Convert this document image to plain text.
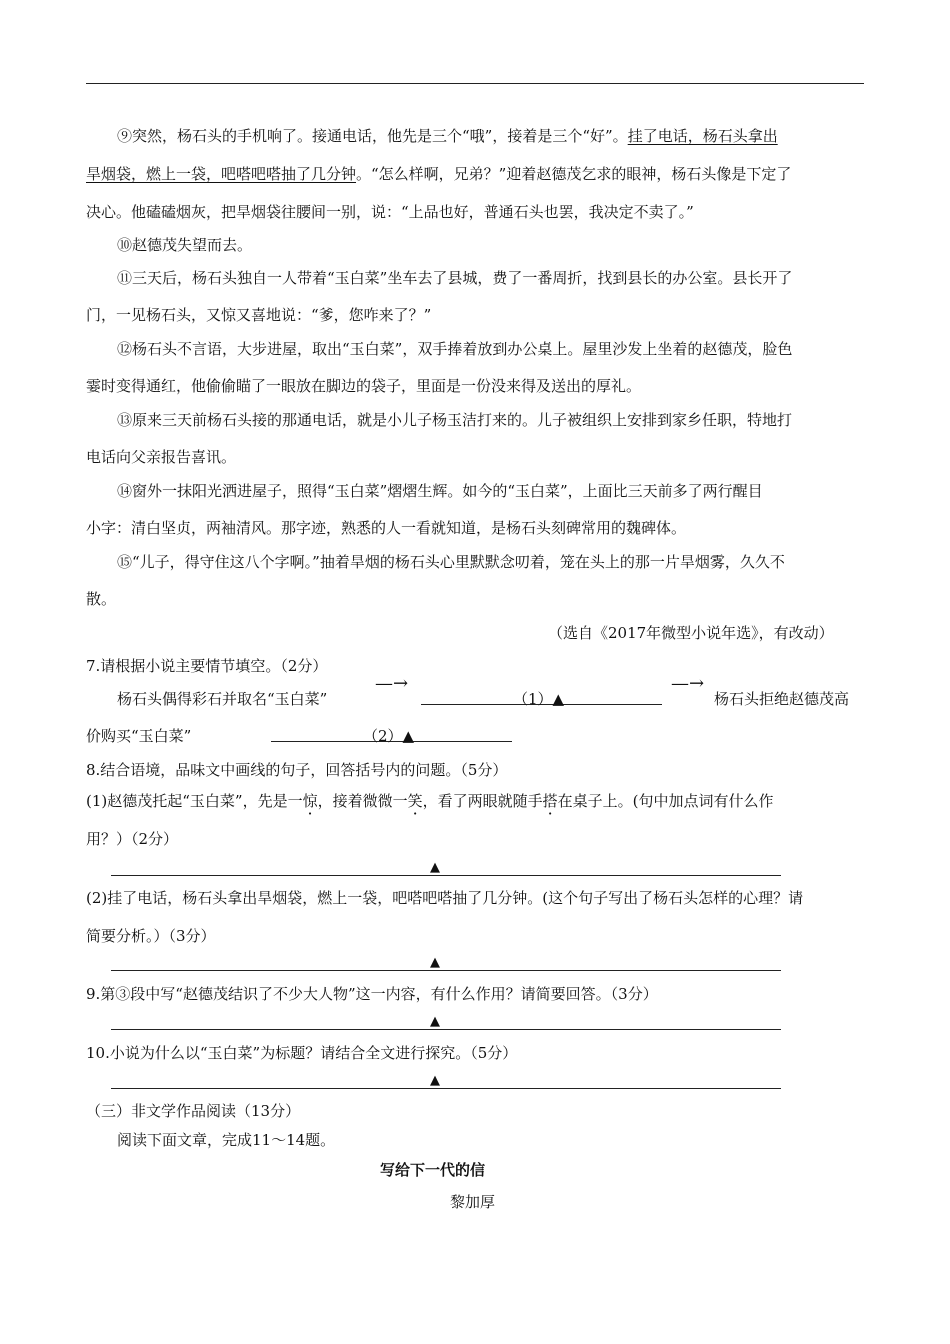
⑨突然，杨石头的手机响了。接通电话，他先是三个“哦”，接着是三个“好”。挂了电话，杨石头拿出
旱烟袋，燃上一袋，吧嗒吧嗒抽了几分钟。“怎么样啊，兄弟？”迎着赵德茂乞求的眼神，杨石头像是下定了
决心。他磕磕烟灰，把旱烟袋往腰间一别，说：“上品也好，普通石头也罢，我决定不卖了。”
⑩赵德茂失望而去。
⑪三天后，杨石头独自一人带着“玉白菜”坐车去了县城，费了一番周折，找到县长的办公室。县长开了
门，一见杨石头，又惊又喜地说：“爹，您咋来了？”
⑫杨石头不言语，大步进屋，取出“玉白菜”，双手捧着放到办公桌上。屋里沙发上坐着的赵德茂，脸色
霎时变得通红，他偷偷瞄了一眼放在脚边的袋子，里面是一份没来得及送出的厚礼。
⑬原来三天前杨石头接的那通电话，就是小儿子杨玉洁打来的。儿子被组织上安排到家乡任职，特地打
电话向父亲报告喜讯。
⑭窗外一抹阳光洒进屋子，照得“玉白菜”熠熠生辉。如今的“玉白菜”，上面比三天前多了两行醒目
小字：清白坚贞，两袖清风。那字迹，熟悉的人一看就知道，是杨石头刻碑常用的魏碑体。
⑮“儿子，得守住这八个字啊。”抽着旱烟的杨石头心里默默念叨着，笼在头上的那一片旱烟雾，久久不
散。
（选自《2017年微型小说年选》，有改动）
7.请根据小说主要情节填空。（2分）
杨石头偶得彩石并取名“玉白菜”
—→
（1）▲
—→
杨石头拒绝赵德茂高
价购买“玉白菜”	（2）▲
8.结合语境，品味文中画线的句子，回答括号内的问题。（5分）
(1)赵德茂托起“玉白菜”，先是一惊，接着微微一笑，看了两眼就随手搭在桌子上。(句中加点词有什么作
用？）（2分）
▲
(2)挂了电话，杨石头拿出旱烟袋，燃上一袋，吧嗒吧嗒抽了几分钟。(这个句子写出了杨石头怎样的心理？请
简要分析。）（3分）
▲
9.第③段中写“赵德茂结识了不少大人物”这一内容，有什么作用？请简要回答。（3分）
▲
10.小说为什么以“玉白菜”为标题？请结合全文进行探究。（5分）
▲
（三）非文学作品阅读（13分）
阅读下面文章，完成11～14题。
写给下一代的信
黎加厚
